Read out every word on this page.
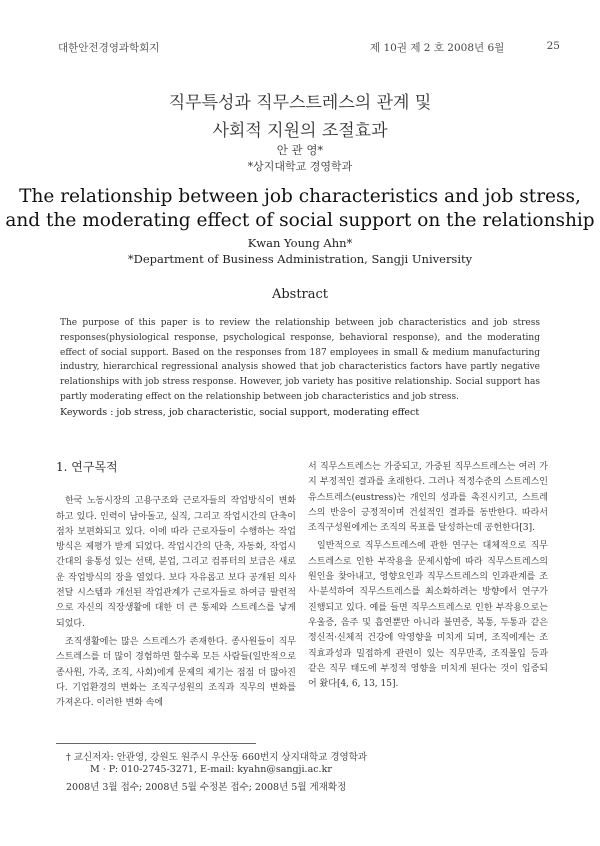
대한안전경영과학회지	제 10권 제 2 호 2008년 6월	25
직무특성과 직무스트레스의 관계 및
사회적 지원의 조절효과
안 관 영*
*상지대학교 경영학과
The relationship between job characteristics and job stress,
and the moderating effect of social support on the relationship
Kwan Young Ahn*
*Department of Business Administration, Sangji University
Abstract
The purpose of this paper is to review the relationship between job characteristics and job stress responses(physiological response, psychological response, behavioral response), and the moderating effect of social support. Based on the responses from 187 employees in small & medium manufacturing industry, hierarchical regressional analysis showed that job characteristics factors have partly negative relationships with job stress response. However, job variety has positive relationship. Social support has partly moderating effect on the relationship between job characteristics and job stress.
Keywords : job stress, job characteristic, social support, moderating effect
1. 연구목적

한국 노동시장의 고용구조와 근로자들의 작업방식이 변화하고 있다. 인력이 남아돌고, 실직, 그리고 작업시간의 단축이 점차 보편화되고 있다. 이에 따라 근로자들이 수행하는 작업방식은 제평가 받게 되었다. 작업시간의 단축, 자동화, 작업시간대의 융통성 있는 선택, 분업, 그리고 컴퓨터의 보급은 새로운 작업방식의 장을 열었다. 보다 자유롭고 보다 공개된 의사전달 시스템과 개선된 작업관계가 근로자들로 하여금 팔련적으로 자신의 직장생활에 대한 더 큰 통제와 스트레스를 낳게 되었다.

조직생활에는 많은 스트레스가 존재한다. 종사원들이 직무스트레스를 더 많이 경험하면 할수록 모든 사람들(일반적으로 종사원, 가족, 조직, 사회)에게 문제의 제기는 점점 더 많아진다. 기업환경의 변화는 조직구성원의 조직과 직무의 변화를 가져온다. 이러한 변화 속에

서 직무스트레스는 가중되고, 가중된 직무스트레스는 여러 가지 부정적인 결과를 초래한다. 그러나 적정수준의 스트레스인 유스트레스(eustress)는 개인의 성과를 촉진시키고, 스트레스의 반응이 긍정적이며 건설적인 결과를 동반한다. 따라서 조직구성원에게는 조직의 목표를 달성하는데 공헌한다[3].

일반적으로 직무스트레스에 관한 연구는 대체적으로 직무스트레스로 인한 부작용을 문제시함에 따라 직무스트레스의 원인을 찾아내고, 영향요인과 직무스트레스의 인과관계를 조사·분석하여 직무스트레스를 최소화하려는 방향에서 연구가 진행되고 있다. 예를 들면 직무스트레스로 인한 부작용으로는 우울증, 음주 및 흡연뿐만 아니라 불면증, 복통, 두통과 같은 정신적·신체적 건강에 악영향을 미치게 되며, 조직에게는 조직효과성과 밀접하게 관련이 있는 직무만족, 조직몰입 등과 같은 직무 태도에 부정적 영향을 미치게 된다는 것이 입증되어 왔다[4, 6, 13, 15].

† 교신저자: 안관영, 강원도 원주시 우산동 660번지 상지대학교 경영학과
M · P: 010-2745-3271, E-mail: kyahn@sangji.ac.kr
2008년 3월 접수; 2008년 5월 수정본 접수; 2008년 5월 게재확정
